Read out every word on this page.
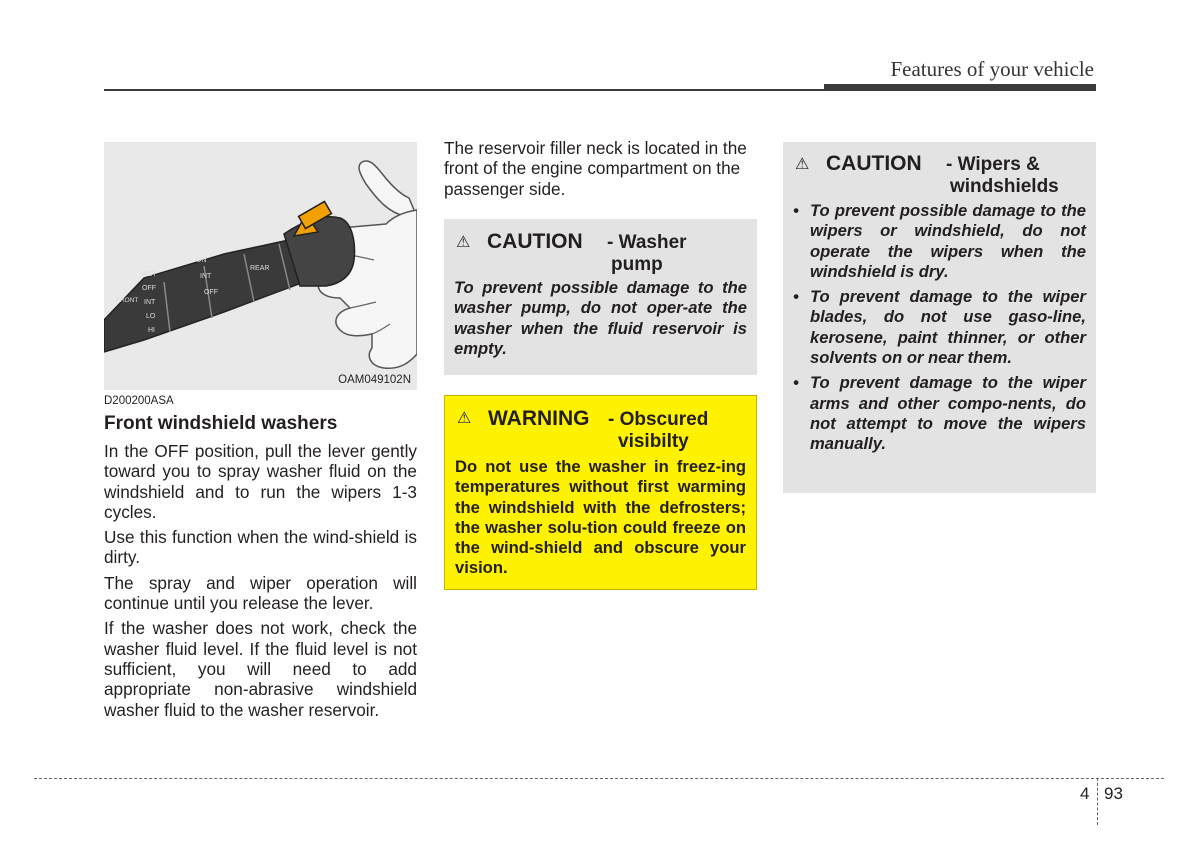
Features of your vehicle
MIST
OFF
INT
LO
HI
FRONT
ON
INT
OFF
REAR
OAM049102N
D200200ASA
Front windshield washers

In the OFF position, pull the lever gently toward you to spray washer fluid on the windshield and to run the wipers 1-3 cycles.

Use this function when the wind-shield is dirty.

The spray and wiper operation will continue until you release the lever.

If the washer does not work, check the washer fluid level. If the fluid level is not sufficient, you will need to add appropriate non-abrasive windshield washer fluid to the washer reservoir.

The reservoir filler neck is located in the front of the engine compartment on the passenger side.
⚠ CAUTION - Washer
pump
To prevent possible damage to the washer pump, do not oper-ate the washer when the fluid reservoir is empty.
⚠ WARNING - Obscured
visibilty
Do not use the washer in freez-ing temperatures without first warming the windshield with the defrosters; the washer solu-tion could freeze on the wind-shield and obscure your vision.
⚠ CAUTION - Wipers &
windshields
• To prevent possible damage to the wipers or windshield, do not operate the wipers when the windshield is dry.
• To prevent damage to the wiper blades, do not use gaso-line, kerosene, paint thinner, or other solvents on or near them.
• To prevent damage to the wiper arms and other compo-nents, do not attempt to move the wipers manually.
4 93
